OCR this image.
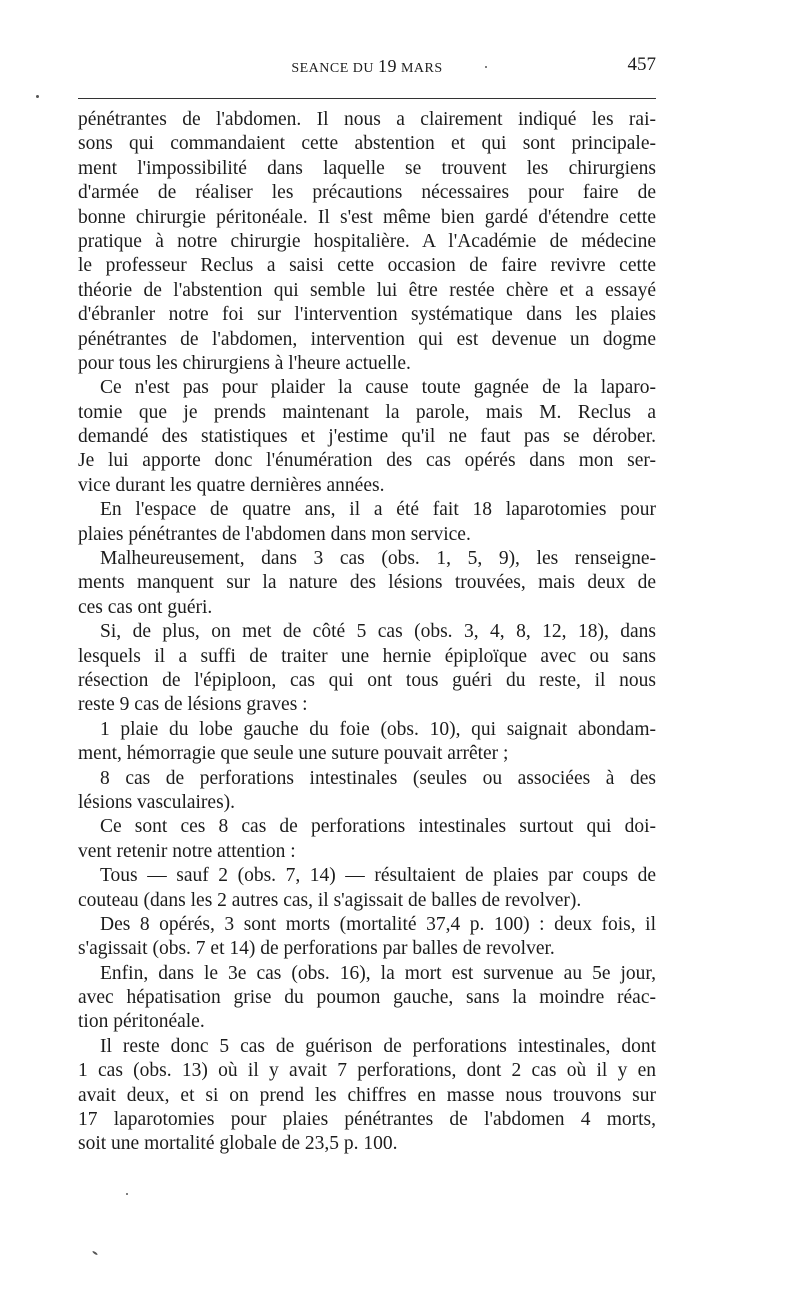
SEANCE DU 19 MARS	457
pénétrantes de l'abdomen. Il nous a clairement indiqué les rai-
sons qui commandaient cette abstention et qui sont principale-
ment l'impossibilité dans laquelle se trouvent les chirurgiens
d'armée de réaliser les précautions nécessaires pour faire de
bonne chirurgie péritonéale. Il s'est même bien gardé d'étendre cette
pratique à notre chirurgie hospitalière. A l'Académie de médecine
le professeur Reclus a saisi cette occasion de faire revivre cette
théorie de l'abstention qui semble lui être restée chère et a essayé
d'ébranler notre foi sur l'intervention systématique dans les plaies
pénétrantes de l'abdomen, intervention qui est devenue un dogme
pour tous les chirurgiens à l'heure actuelle.
Ce n'est pas pour plaider la cause toute gagnée de la laparo-
tomie que je prends maintenant la parole, mais M. Reclus a
demandé des statistiques et j'estime qu'il ne faut pas se dérober.
Je lui apporte donc l'énumération des cas opérés dans mon ser-
vice durant les quatre dernières années.
En l'espace de quatre ans, il a été fait 18 laparotomies pour
plaies pénétrantes de l'abdomen dans mon service.
Malheureusement, dans 3 cas (obs. 1, 5, 9), les renseigne-
ments manquent sur la nature des lésions trouvées, mais deux de
ces cas ont guéri.
Si, de plus, on met de côté 5 cas (obs. 3, 4, 8, 12, 18), dans
lesquels il a suffi de traiter une hernie épiploïque avec ou sans
résection de l'épiploon, cas qui ont tous guéri du reste, il nous
reste 9 cas de lésions graves :
1 plaie du lobe gauche du foie (obs. 10), qui saignait abondam-
ment, hémorragie que seule une suture pouvait arrêter ;
8 cas de perforations intestinales (seules ou associées à des
lésions vasculaires).
Ce sont ces 8 cas de perforations intestinales surtout qui doi-
vent retenir notre attention :
Tous — sauf 2 (obs. 7, 14) — résultaient de plaies par coups de
couteau (dans les 2 autres cas, il s'agissait de balles de revolver).
Des 8 opérés, 3 sont morts (mortalité 37,4 p. 100) : deux fois, il
s'agissait (obs. 7 et 14) de perforations par balles de revolver.
Enfin, dans le 3e cas (obs. 16), la mort est survenue au 5e jour,
avec hépatisation grise du poumon gauche, sans la moindre réac-
tion péritonéale.
Il reste donc 5 cas de guérison de perforations intestinales, dont
1 cas (obs. 13) où il y avait 7 perforations, dont 2 cas où il y en
avait deux, et si on prend les chiffres en masse nous trouvons sur
17 laparotomies pour plaies pénétrantes de l'abdomen 4 morts,
soit une mortalité globale de 23,5 p. 100.
